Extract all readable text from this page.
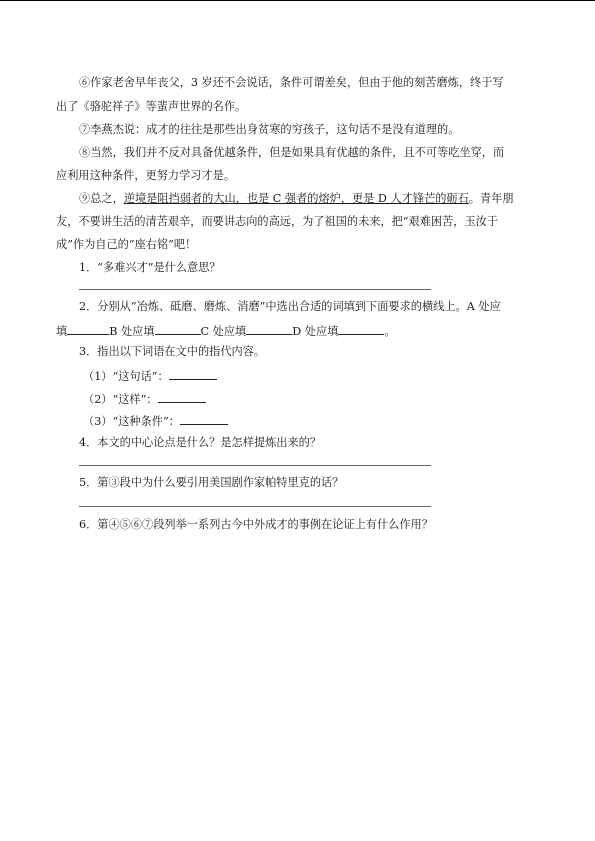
⑥作家老舍早年丧父，3 岁还不会说话，条件可谓差矣，但由于他的刻苦磨炼，终于写
出了《骆驼祥子》等蜚声世界的名作。
⑦李燕杰说：成才的往往是那些出身贫寒的穷孩子，这句话不是没有道理的。
⑧当然，我们并不反对具备优越条件，但是如果具有优越的条件，且不可等吃坐穿，而
应利用这种条件，更努力学习才是。
⑨总之，逆境是阻挡弱者的大山，也是 C 强者的熔炉，更是 D 人才锋芒的砺石。青年朋
友，不要讲生活的清苦艰辛，而要讲志向的高远，为了祖国的未来，把“艰难困苦，玉汝于
成”作为自己的“座右铭”吧！
1．“多难兴才”是什么意思？
2．分别从“冶炼、砥磨、磨炼、消磨”中选出合适的词填到下面要求的横线上。A 处应
填	B 处应填	C 处应填	D 处应填	。
3．指出以下词语在文中的指代内容。
（1）“这句话”：
（2）“这样”：
（3）“这种条件”：
4．本文的中心论点是什么？是怎样提炼出来的？
5．第③段中为什么要引用美国剧作家帕特里克的话？
6．第④⑤⑥⑦段列举一系列古今中外成才的事例在论证上有什么作用？
